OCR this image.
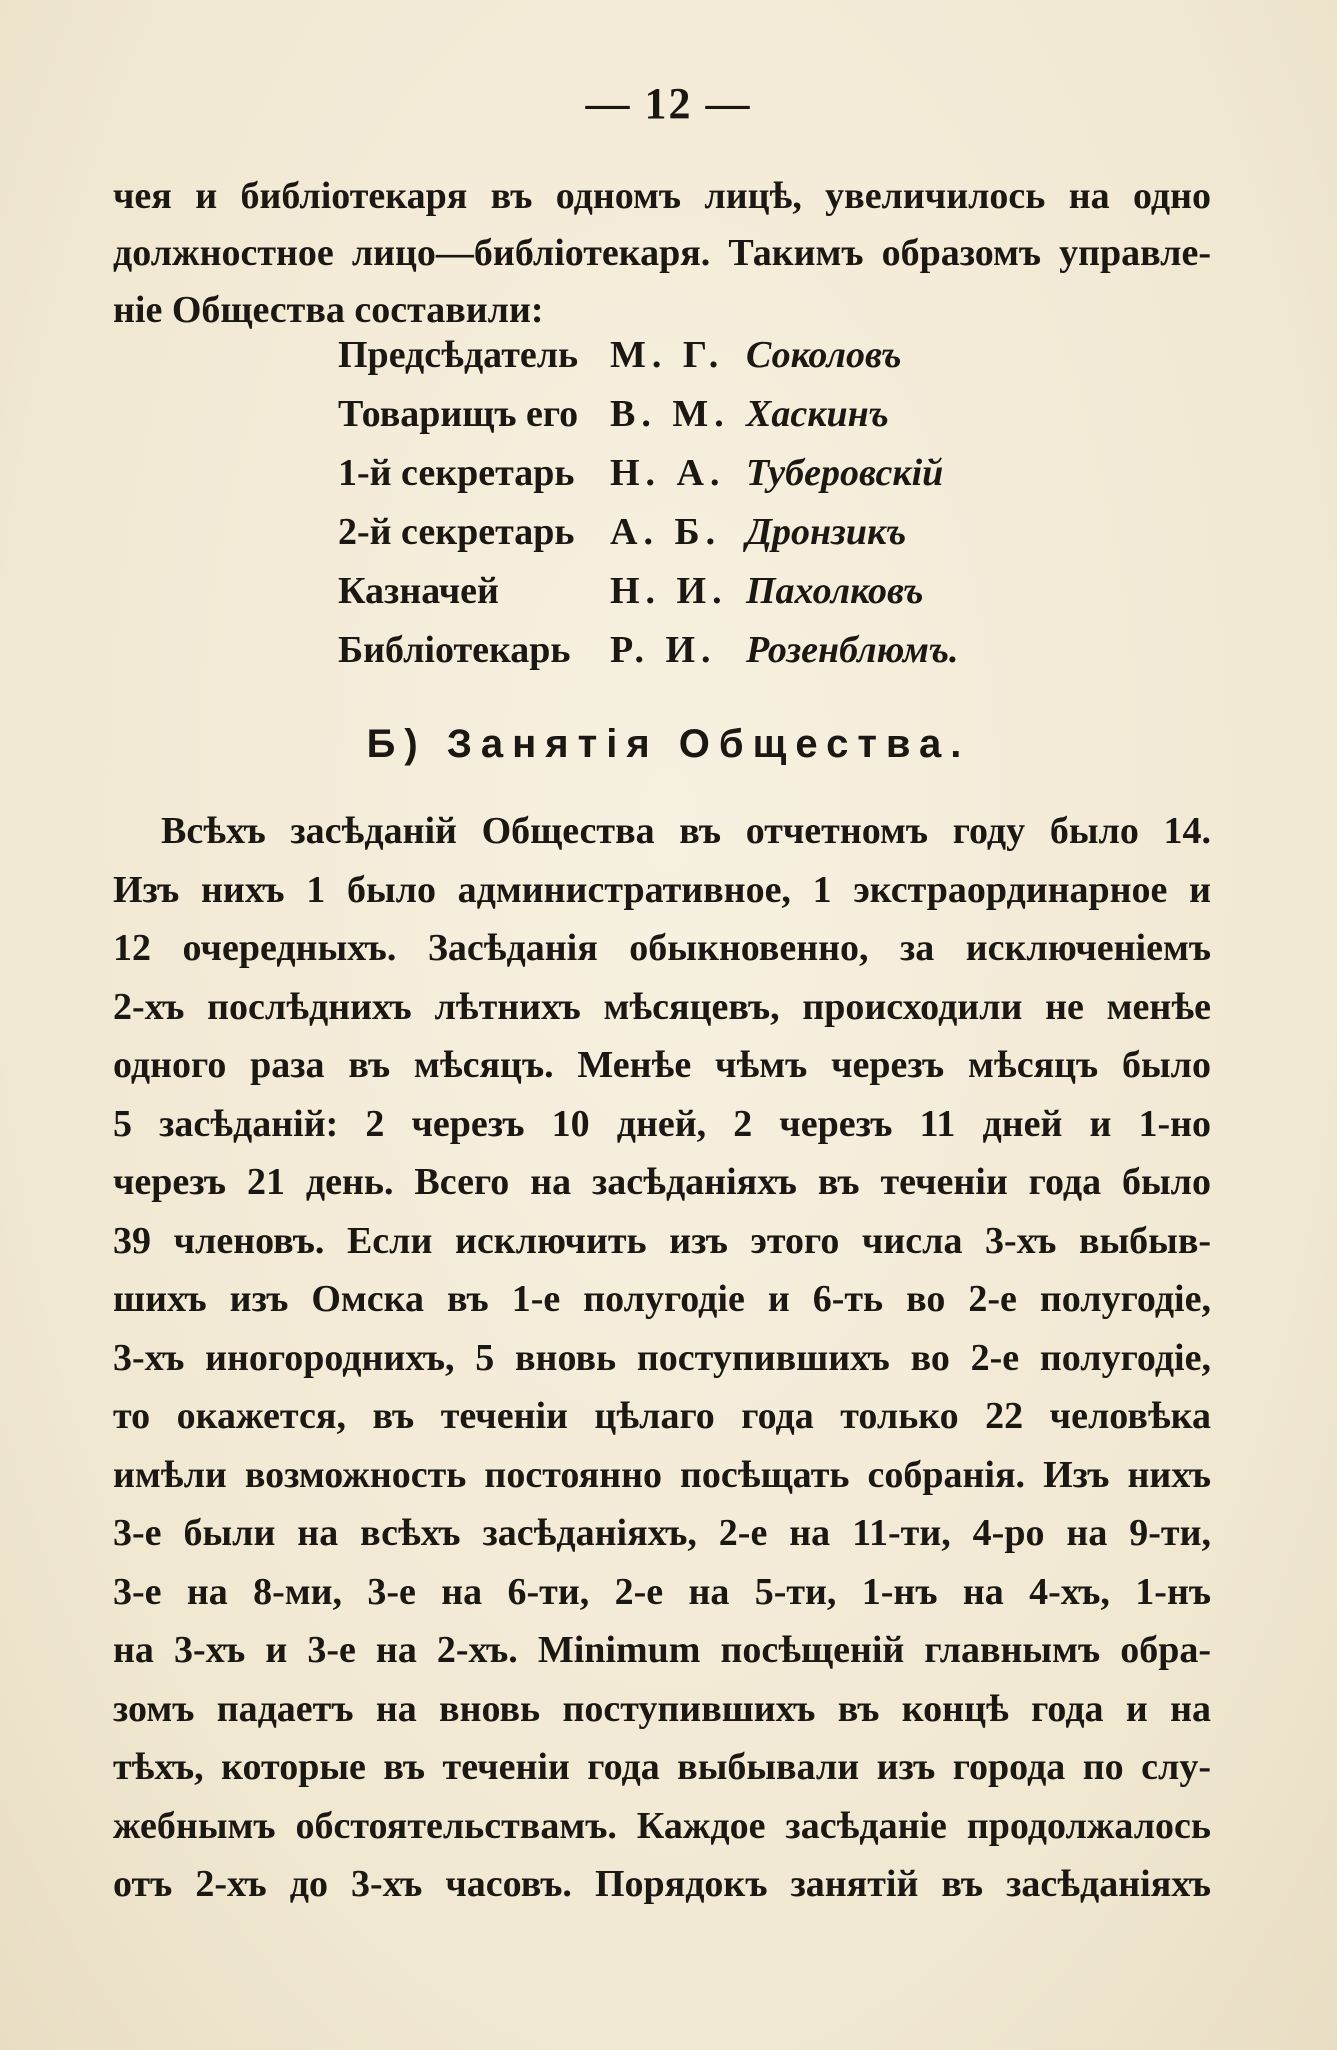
— 12 —
чея и библіотекаря въ одномъ лицѣ, увеличилось на одно
должностное лицо—библіотекаря. Такимъ образомъ управле-
ніе Общества составили:
Предсѣдатель М. Г. Соколовъ
Товарищъ его В. М. Хаскинъ
1-й секретарь Н. А. Туберовскій
2-й секретарь А. Б. Дронзикъ
Казначей	Н. И. Пахолковъ
Библіотекарь Р. И. Розенблюмъ.
Б) Занятія Общества.
Всѣхъ засѣданій Общества въ отчетномъ году было 14.
Изъ нихъ 1 было административное, 1 экстраординарное и
12 очередныхъ. Засѣданія обыкновенно, за исключеніемъ
2-хъ послѣднихъ лѣтнихъ мѣсяцевъ, происходили не менѣе
одного раза въ мѣсяцъ. Менѣе чѣмъ черезъ мѣсяцъ было
5 засѣданій: 2 черезъ 10 дней, 2 черезъ 11 дней и 1-но
черезъ 21 день. Всего на засѣданіяхъ въ теченіи года было
39 членовъ. Если исключить изъ этого числа 3-хъ выбыв-
шихъ изъ Омска въ 1-е полугодіе и 6-ть во 2-е полугодіе,
3-хъ иногороднихъ, 5 вновь поступившихъ во 2-е полугодіе,
то окажется, въ теченіи цѣлаго года только 22 человѣка
имѣли возможность постоянно посѣщать собранія. Изъ нихъ
3-е были на всѣхъ засѣданіяхъ, 2-е на 11-ти, 4-ро на 9-ти,
3-е на 8-ми, 3-е на 6-ти, 2-е на 5-ти, 1-нъ на 4-хъ, 1-нъ
на 3-хъ и 3-е на 2-хъ. Minimum посѣщеній главнымъ обра-
зомъ падаетъ на вновь поступившихъ въ концѣ года и на
тѣхъ, которые въ теченіи года выбывали изъ города по слу-
жебнымъ обстоятельствамъ. Каждое засѣданіе продолжалось
отъ 2-хъ до 3-хъ часовъ. Порядокъ занятій въ засѣданіяхъ
